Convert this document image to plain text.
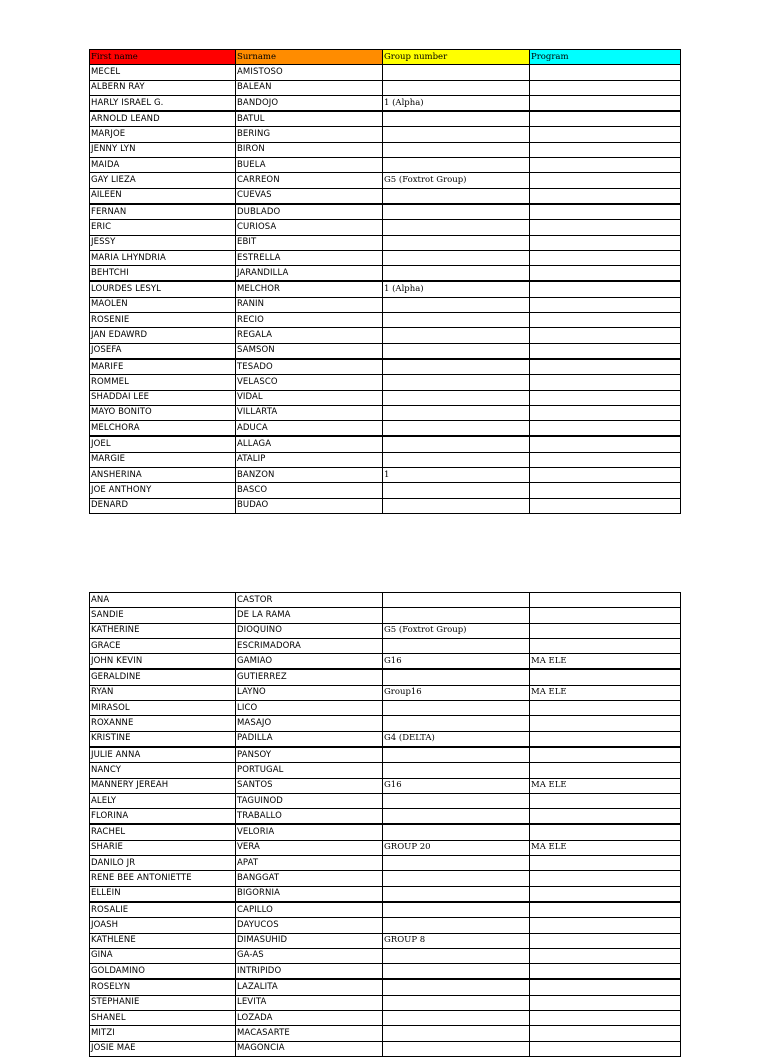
First name	Surname	Group number	Program
MECEL	AMISTOSO		
ALBERN RAY	BALEAN		
HARLY ISRAEL G.	BANDOJO	1 (Alpha)	
ARNOLD LEAND	BATUL		
MARJOE	BERING		
JENNY LYN	BIRON		
MAIDA	BUELA		
GAY LIEZA	CARREON	G5 (Foxtrot Group)	
AILEEN	CUEVAS		
FERNAN	DUBLADO		
ERIC	CURIOSA		
JESSY	EBIT		
MARIA LHYNDRIA	ESTRELLA		
BEHTCHI	JARANDILLA		
LOURDES LESYL	MELCHOR	1 (Alpha)	
MAOLEN	RANIN		
ROSENIE	RECIO		
JAN EDAWRD	REGALA		
JOSEFA	SAMSON		
MARIFE	TESADO		
ROMMEL	VELASCO		
SHADDAI LEE	VIDAL		
MAYO BONITO	VILLARTA		
MELCHORA	ADUCA		
JOEL	ALLAGA		
MARGIE	ATALIP		
ANSHERINA	BANZON	1	
JOE ANTHONY	BASCO		
DENARD	BUDAO		
ANA	CASTOR		
SANDIE	DE LA RAMA		
KATHERINE	DIOQUINO	G5 (Foxtrot Group)	
GRACE	ESCRIMADORA		
JOHN KEVIN	GAMIAO	G16	MA ELE
GERALDINE	GUTIERREZ		
RYAN	LAYNO	Group16	MA ELE
MIRASOL	LICO		
ROXANNE	MASAJO		
KRISTINE	PADILLA	G4 (DELTA)	
JULIE ANNA	PANSOY		
NANCY	PORTUGAL		
MANNERY JEREAH	SANTOS	G16	MA ELE
ALELY	TAGUINOD		
FLORINA	TRABALLO		
RACHEL	VELORIA		
SHARIE	VERA	GROUP 20	MA ELE
DANILO JR	APAT		
RENE BEE ANTONIETTE	BANGGAT		
ELLEIN	BIGORNIA		
ROSALIE	CAPILLO		
JOASH	DAYUCOS		
KATHLENE	DIMASUHID	GROUP 8	
GINA	GA-AS		
GOLDAMINO	INTRIPIDO		
ROSELYN	LAZALITA		
STEPHANIE	LEVITA		
SHANEL	LOZADA		
MITZI	MACASARTE		
JOSIE MAE	MAGONCIA		
